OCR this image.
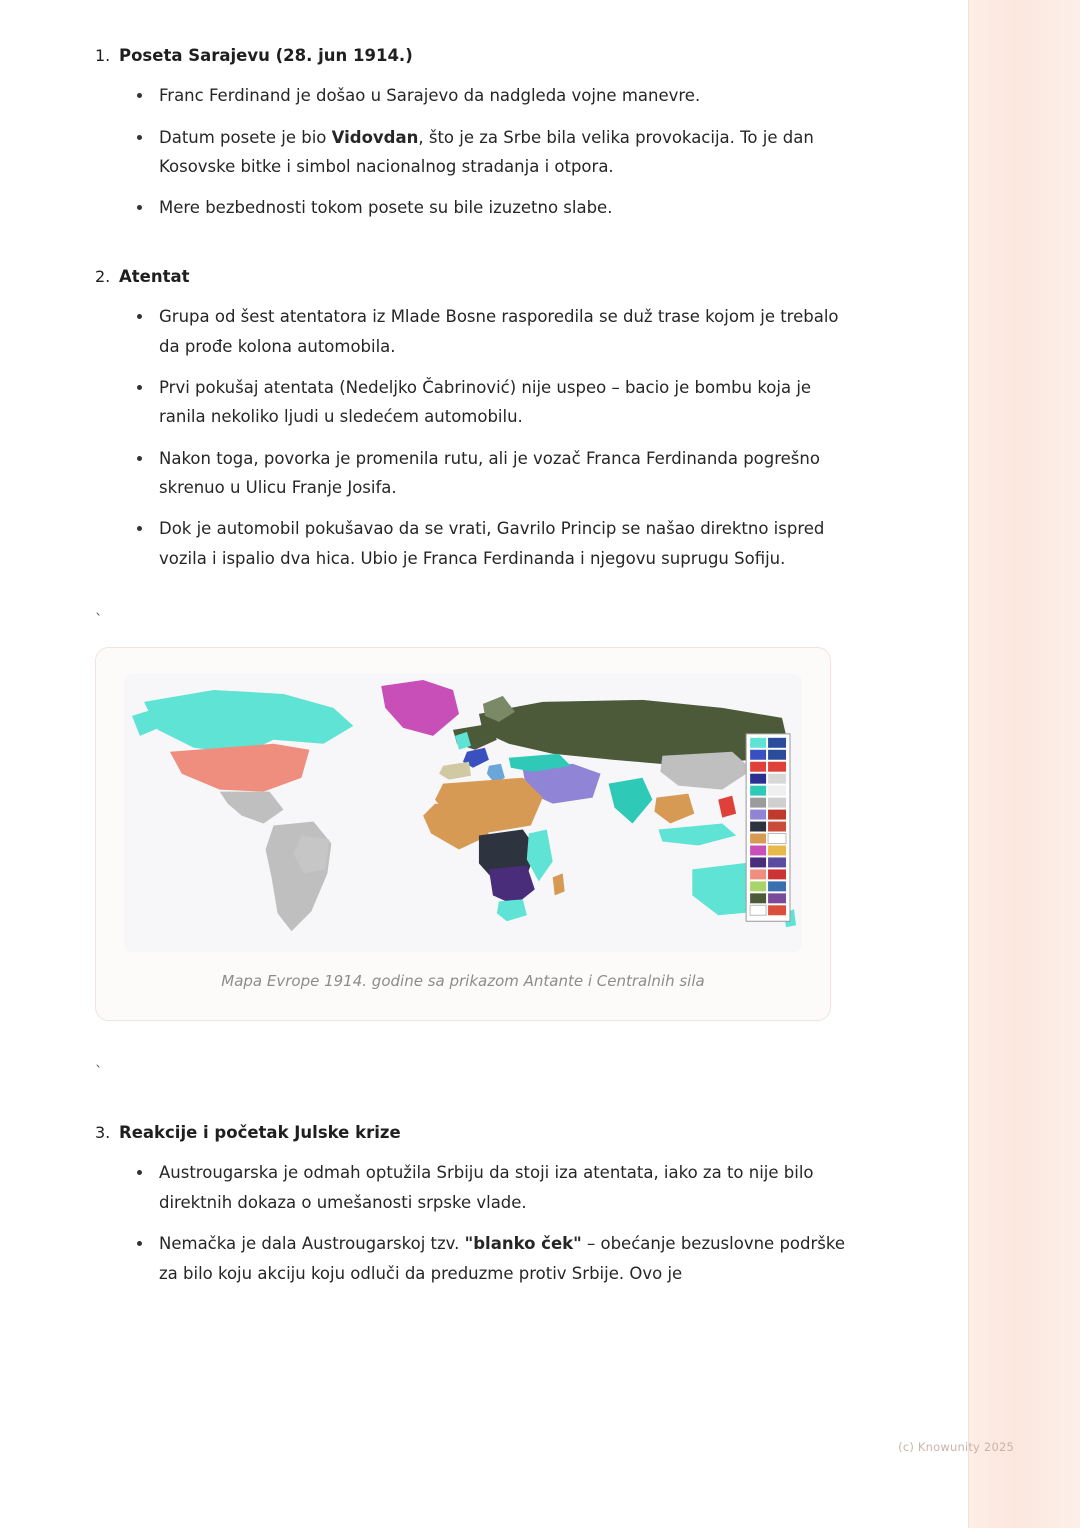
1. Poseta Sarajevu (28. jun 1914.)
Franc Ferdinand je došao u Sarajevo da nadgleda vojne manevre.
Datum posete je bio Vidovdan, što je za Srbe bila velika provokacija. To je dan Kosovske bitke i simbol nacionalnog stradanja i otpora.
Mere bezbednosti tokom posete su bile izuzetno slabe.
2. Atentat
Grupa od šest atentatora iz Mlade Bosne rasporedila se duž trase kojom je trebalo da prođe kolona automobila.
Prvi pokušaj atentata (Nedeljko Čabrinović) nije uspeo – bacio je bombu koja je ranila nekoliko ljudi u sledećem automobilu.
Nakon toga, povorka je promenila rutu, ali je vozač Franca Ferdinanda pogrešno skrenuo u Ulicu Franje Josifa.
Dok je automobil pokušavao da se vrati, Gavrilo Princip se našao direktno ispred vozila i ispalio dva hica. Ubio je Franca Ferdinanda i njegovu suprugu Sofiju.
`
Mapa Evrope 1914. godine sa prikazom Antante i Centralnih sila
`
3. Reakcije i početak Julske krize
Austrougarska je odmah optužila Srbiju da stoji iza atentata, iako za to nije bilo direktnih dokaza o umešanosti srpske vlade.
Nemačka je dala Austrougarskoj tzv. "blanko ček" – obećanje bezuslovne podrške za bilo koju akciju koju odluči da preduzme protiv Srbije. Ovo je
(c) Knowunity 2025
